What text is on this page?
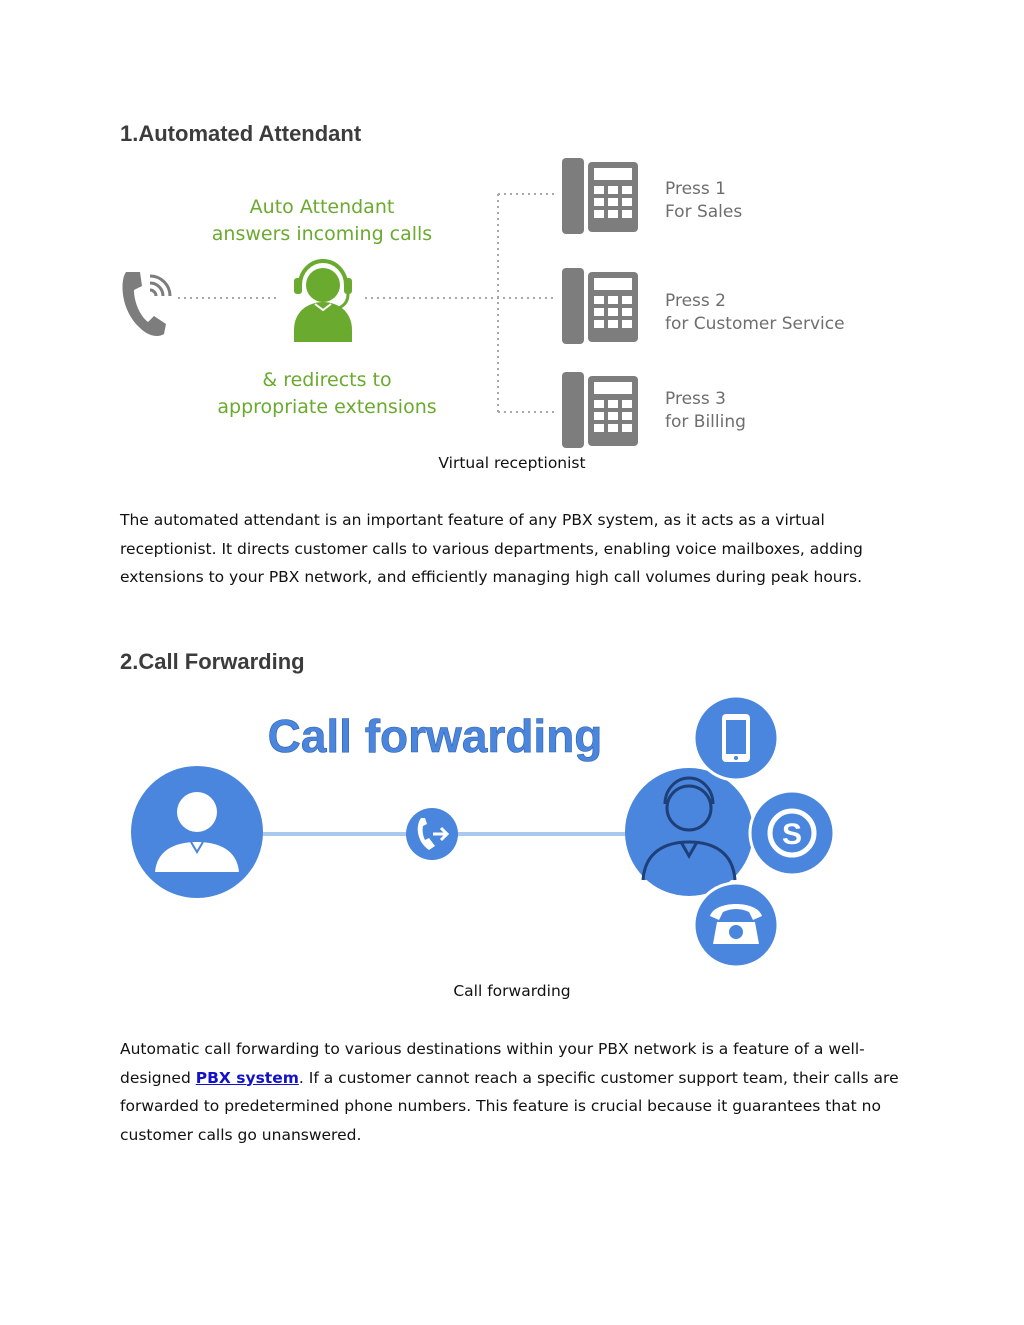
1.Automated Attendant
Auto Attendant
answers incoming calls
& redirects to
appropriate extensions
Press 1
For Sales
Press 2
for Customer Service
Press 3
for Billing
Virtual receptionist

The automated attendant is an important feature of any PBX system, as it acts as a virtual receptionist. It directs customer calls to various departments, enabling voice mailboxes, adding extensions to your PBX network, and efficiently managing high call volumes during peak hours.

2.Call Forwarding
Call forwarding
S
Call forwarding

Automatic call forwarding to various destinations within your PBX network is a feature of a well-designed PBX system. If a customer cannot reach a specific customer support team, their calls are forwarded to predetermined phone numbers. This feature is crucial because it guarantees that no customer calls go unanswered.
